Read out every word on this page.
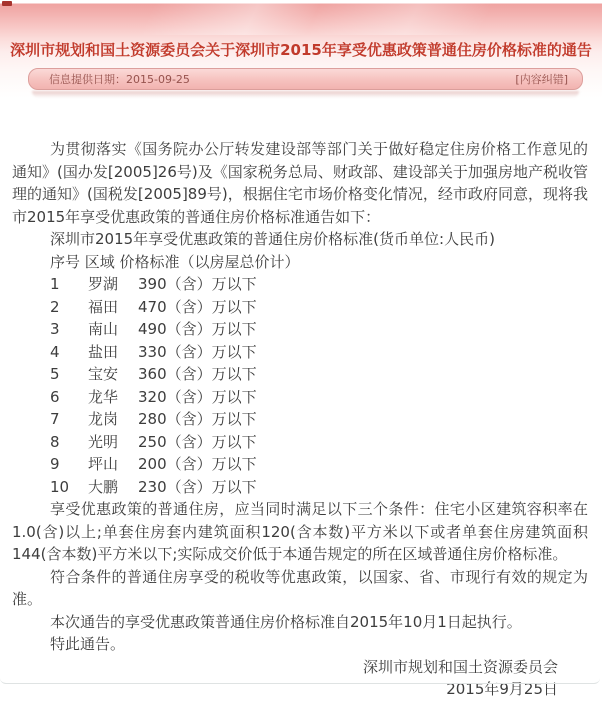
深圳市规划和国土资源委员会关于深圳市2015年享受优惠政策普通住房价格标准的通告
信息提供日期：2015-09-25	[内容纠错]

为贯彻落实《国务院办公厅转发建设部等部门关于做好稳定住房价格工作意见的通知》(国办发[2005]26号)及《国家税务总局、财政部、建设部关于加强房地产税收管理的通知》(国税发[2005]89号)，根据住宅市场价格变化情况，经市政府同意，现将我市2015年享受优惠政策的普通住房价格标准通告如下：

深圳市2015年享受优惠政策的普通住房价格标准(货币单位:人民币)

序号 区域 价格标准（以房屋总价计）

1	罗湖	390（含）万以下
2	福田	470（含）万以下
3	南山	490（含）万以下
4	盐田	330（含）万以下
5	宝安	360（含）万以下
6	龙华	320（含）万以下
7	龙岗	280（含）万以下
8	光明	250（含）万以下
9	坪山	200（含）万以下
10	大鹏	230（含）万以下

享受优惠政策的普通住房，应当同时满足以下三个条件：住宅小区建筑容积率在1.0(含)以上;单套住房套内建筑面积120(含本数)平方米以下或者单套住房建筑面积144(含本数)平方米以下;实际成交价低于本通告规定的所在区域普通住房价格标准。

符合条件的普通住房享受的税收等优惠政策，以国家、省、市现行有效的规定为准。

本次通告的享受优惠政策普通住房价格标准自2015年10月1日起执行。

特此通告。

深圳市规划和国土资源委员会
2015年9月25日
